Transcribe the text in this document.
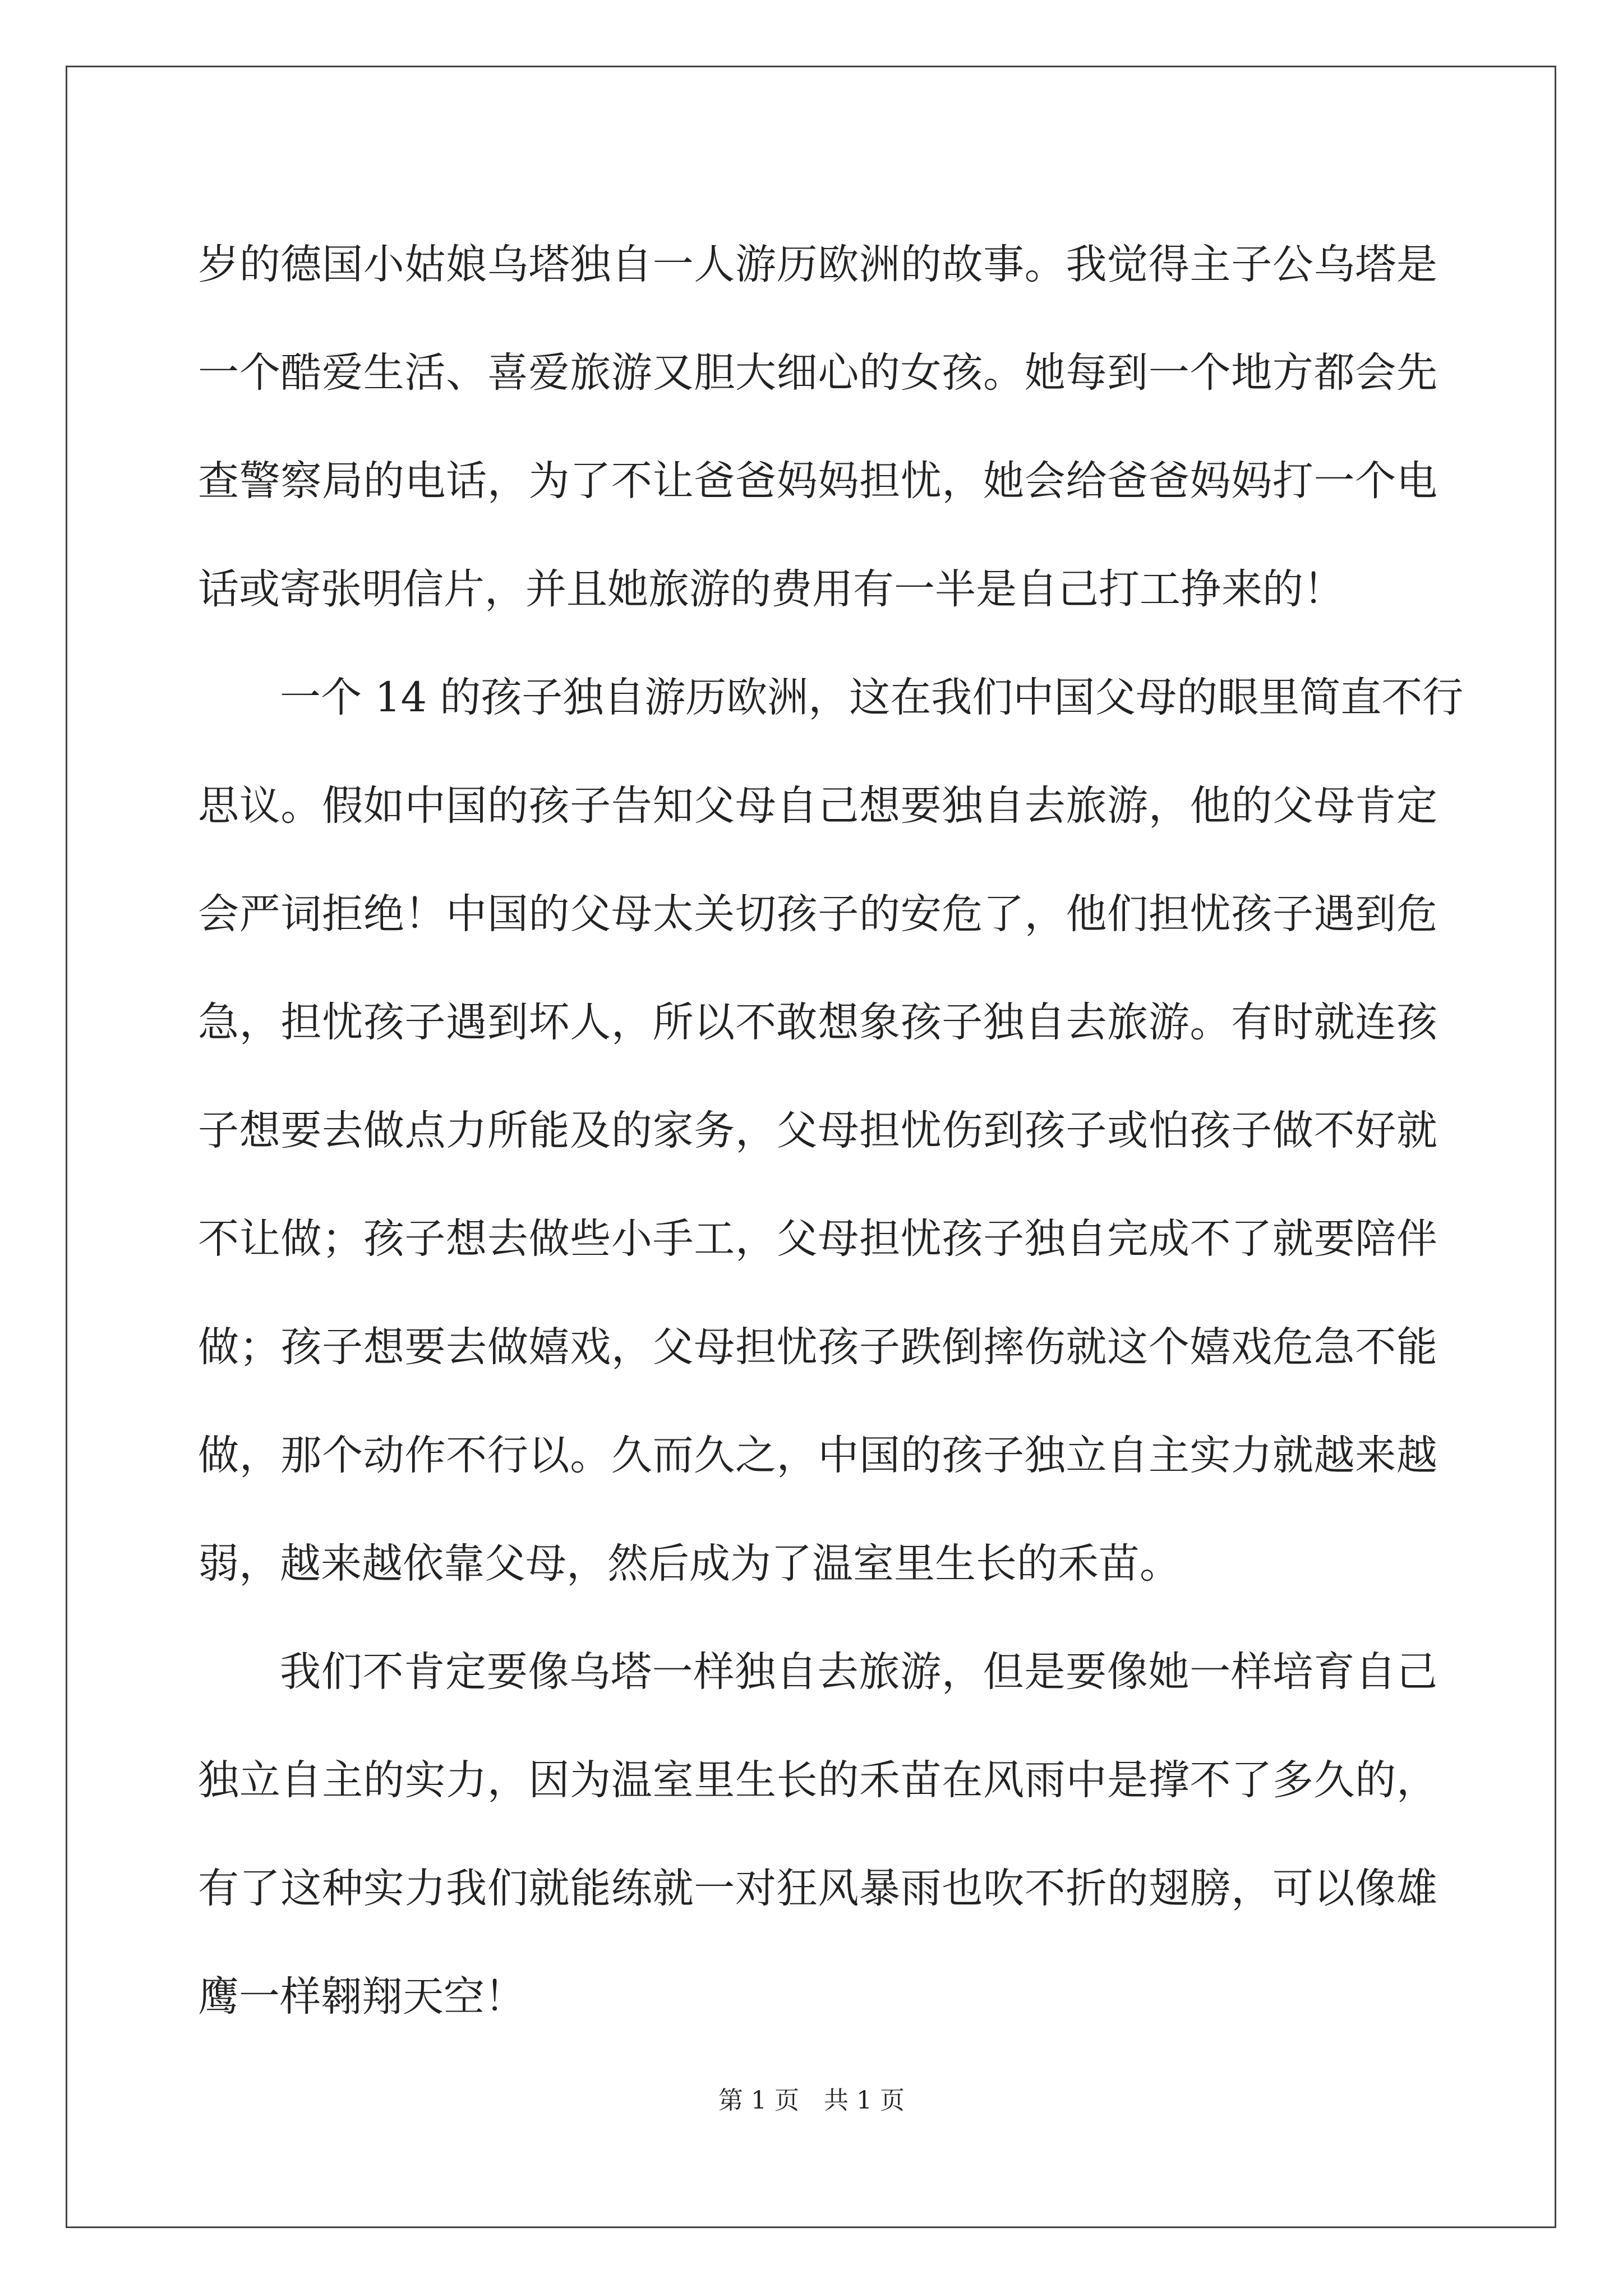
岁的德国小姑娘乌塔独自一人游历欧洲的故事。我觉得主子公乌塔是
一个酷爱生活、喜爱旅游又胆大细心的女孩。她每到一个地方都会先
查警察局的电话，为了不让爸爸妈妈担忧，她会给爸爸妈妈打一个电
话或寄张明信片，并且她旅游的费用有一半是自己打工挣来的！
一个 14 的孩子独自游历欧洲，这在我们中国父母的眼里简直不行
思议。假如中国的孩子告知父母自己想要独自去旅游，他的父母肯定
会严词拒绝！中国的父母太关切孩子的安危了，他们担忧孩子遇到危
急，担忧孩子遇到坏人，所以不敢想象孩子独自去旅游。有时就连孩
子想要去做点力所能及的家务，父母担忧伤到孩子或怕孩子做不好就
不让做；孩子想去做些小手工，父母担忧孩子独自完成不了就要陪伴
做；孩子想要去做嬉戏，父母担忧孩子跌倒摔伤就这个嬉戏危急不能
做，那个动作不行以。久而久之，中国的孩子独立自主实力就越来越
弱，越来越依靠父母，然后成为了温室里生长的禾苗。
我们不肯定要像乌塔一样独自去旅游，但是要像她一样培育自己
独立自主的实力，因为温室里生长的禾苗在风雨中是撑不了多久的，
有了这种实力我们就能练就一对狂风暴雨也吹不折的翅膀，可以像雄
鹰一样翱翔天空！
第 1 页　共 1 页
